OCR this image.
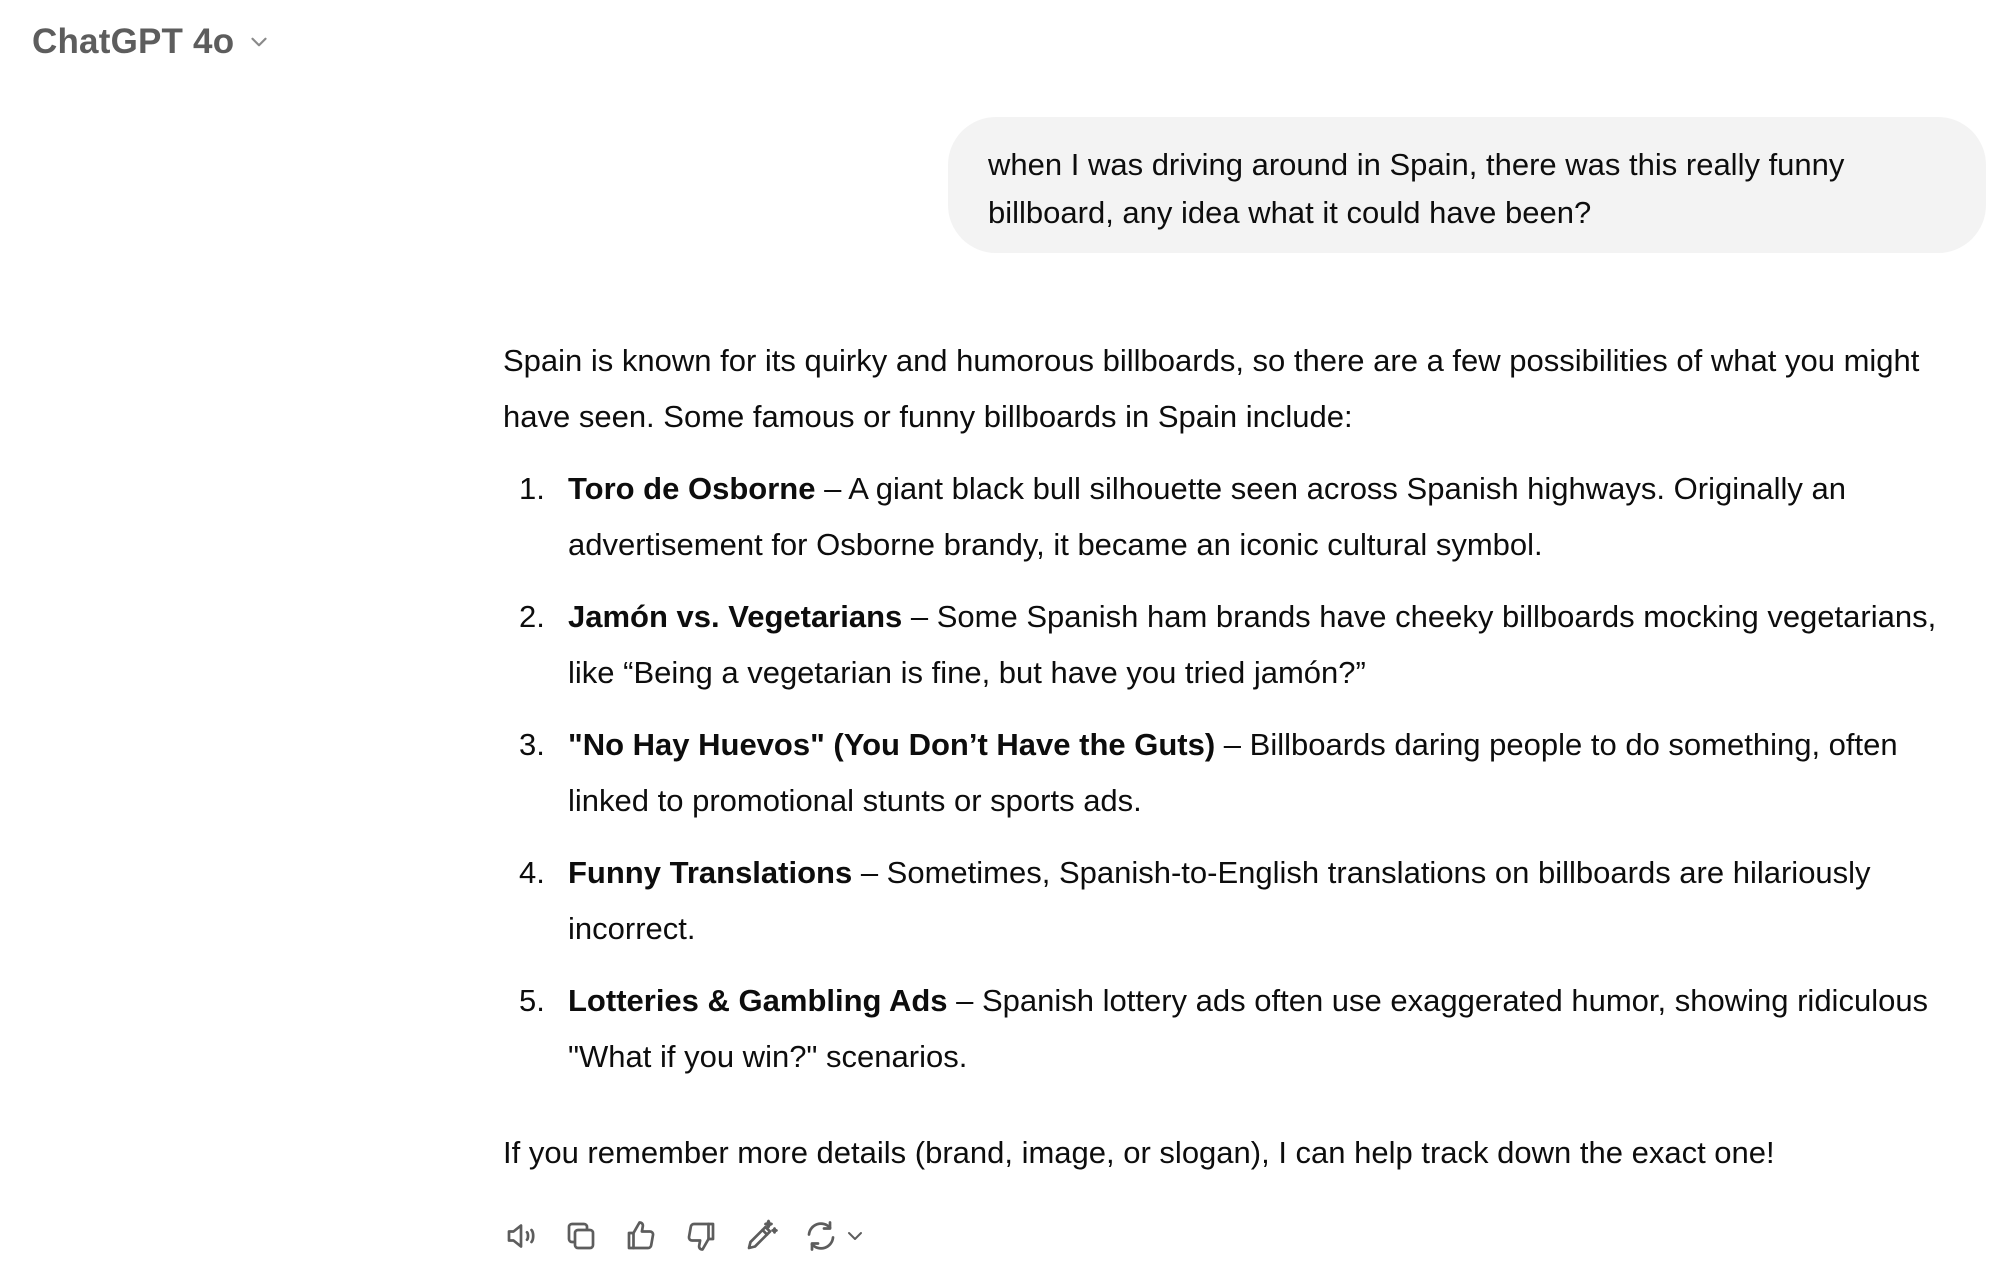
ChatGPT 4o
when I was driving around in Spain, there was this really funny billboard, any idea what it could have been?

Spain is known for its quirky and humorous billboards, so there are a few possibilities of what you might have seen. Some famous or funny billboards in Spain include:

1. Toro de Osborne – A giant black bull silhouette seen across Spanish highways. Originally an advertisement for Osborne brandy, it became an iconic cultural symbol.
2. Jamón vs. Vegetarians – Some Spanish ham brands have cheeky billboards mocking vegetarians, like “Being a vegetarian is fine, but have you tried jamón?”
3. "No Hay Huevos" (You Don’t Have the Guts) – Billboards daring people to do something, often linked to promotional stunts or sports ads.
4. Funny Translations – Sometimes, Spanish-to-English translations on billboards are hilariously incorrect.
5. Lotteries & Gambling Ads – Spanish lottery ads often use exaggerated humor, showing ridiculous "What if you win?" scenarios.

If you remember more details (brand, image, or slogan), I can help track down the exact one!
